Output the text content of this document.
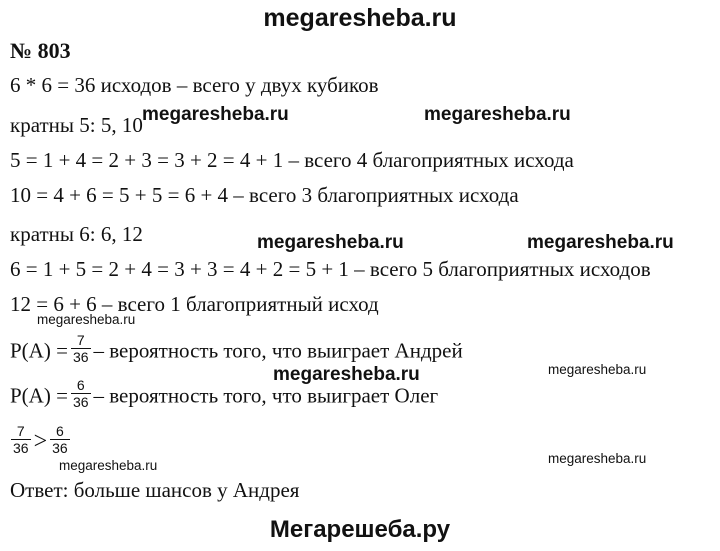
megaresheba.ru
№ 803
6 * 6 = 36 исходов – всего у двух кубиков
кратны 5: 5, 10
5 = 1 + 4 = 2 + 3 = 3 + 2 = 4 + 1 – всего 4 благоприятных исхода
10 = 4 + 6 = 5 + 5 = 6 + 4 – всего 3 благоприятных исхода
кратны 6: 6, 12
6 = 1 + 5 = 2 + 4 = 3 + 3 = 4 + 2 = 5 + 1 – всего 5 благоприятных исходов
12 = 6 + 6 – всего 1 благоприятный исход
$P(A) = \frac{7}{36}$ – вероятность того, что выиграет Андрей
$P(A) = \frac{6}{36}$ – вероятность того, что выиграет Олег
$\frac{7}{36} > \frac{6}{36}$
Ответ: больше шансов у Андрея
megaresheba.ru	megaresheba.ru
megaresheba.ru	megaresheba.ru
megaresheba.ru
megaresheba.ru	megaresheba.ru
megaresheba.ru	megaresheba.ru
Мегарешеба.ру
